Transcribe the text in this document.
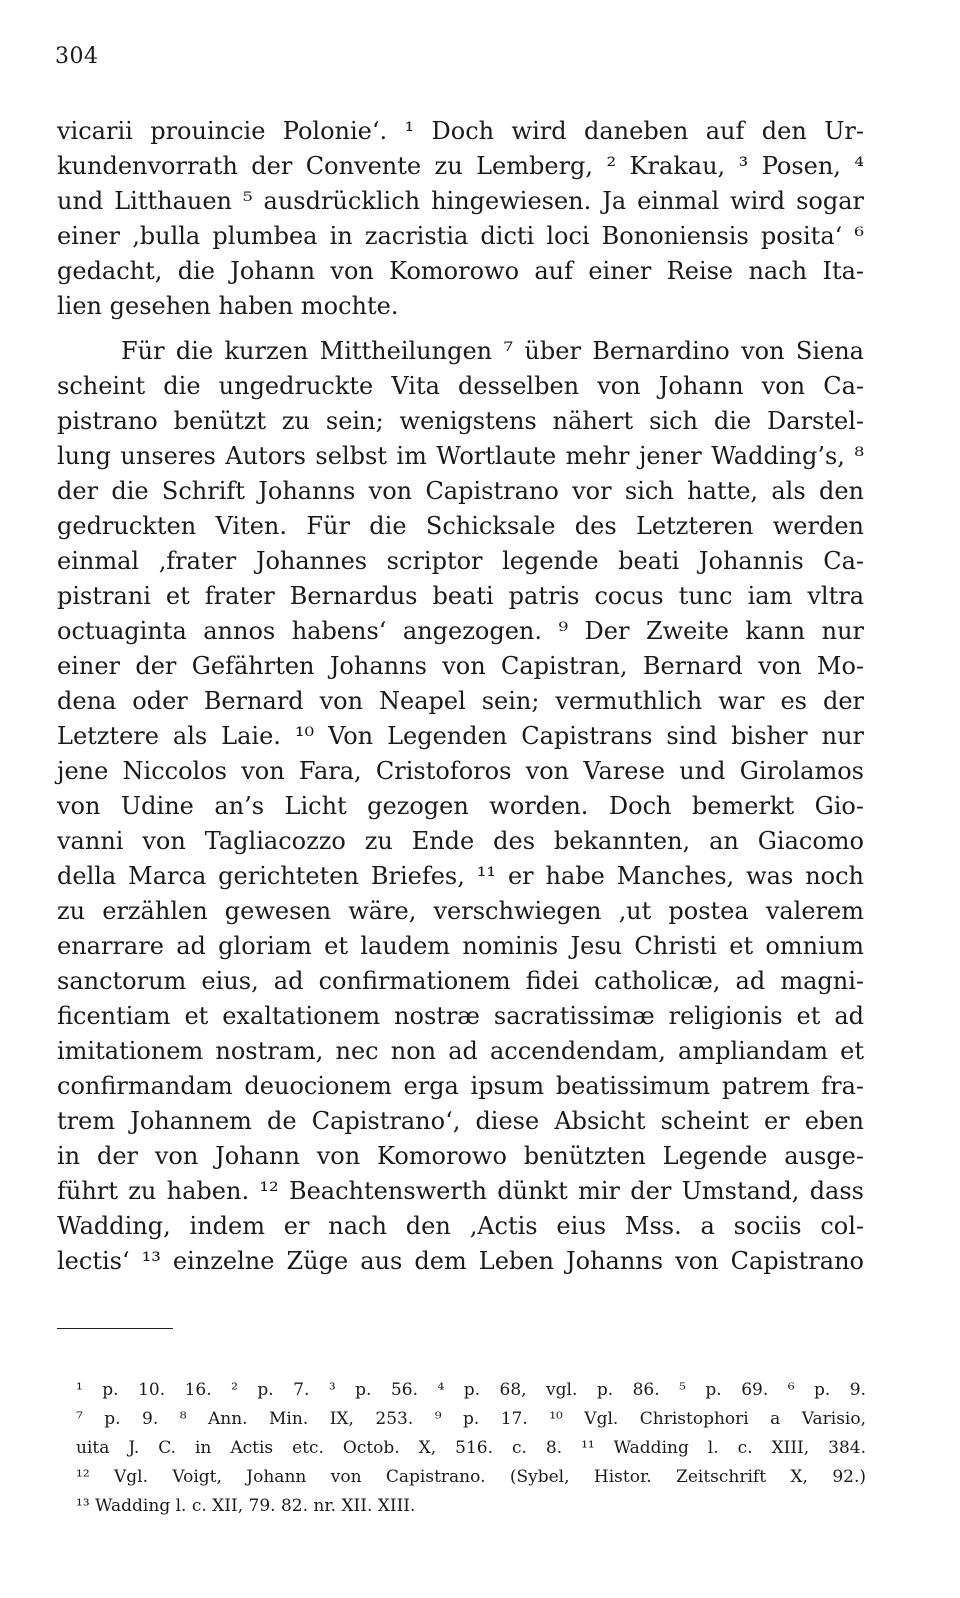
304
vicarii prouincie Polonie‘. ¹ Doch wird daneben auf den Ur-
kundenvorrath der Convente zu Lemberg, ² Krakau, ³ Posen, ⁴
und Litthauen ⁵ ausdrücklich hingewiesen. Ja einmal wird sogar
einer ‚bulla plumbea in zacristia dicti loci Bononiensis posita‘ ⁶
gedacht, die Johann von Komorowo auf einer Reise nach Ita-
lien gesehen haben mochte.
Für die kurzen Mittheilungen ⁷ über Bernardino von Siena
scheint die ungedruckte Vita desselben von Johann von Ca-
pistrano benützt zu sein; wenigstens nähert sich die Darstel-
lung unseres Autors selbst im Wortlaute mehr jener Wadding’s, ⁸
der die Schrift Johanns von Capistrano vor sich hatte, als den
gedruckten Viten. Für die Schicksale des Letzteren werden
einmal ‚frater Johannes scriptor legende beati Johannis Ca-
pistrani et frater Bernardus beati patris cocus tunc iam vltra
octuaginta annos habens‘ angezogen. ⁹ Der Zweite kann nur
einer der Gefährten Johanns von Capistran, Bernard von Mo-
dena oder Bernard von Neapel sein; vermuthlich war es der
Letztere als Laie. ¹⁰ Von Legenden Capistrans sind bisher nur
jene Niccolos von Fara, Cristoforos von Varese und Girolamos
von Udine an’s Licht gezogen worden. Doch bemerkt Gio-
vanni von Tagliacozzo zu Ende des bekannten, an Giacomo
della Marca gerichteten Briefes, ¹¹ er habe Manches, was noch
zu erzählen gewesen wäre, verschwiegen ‚ut postea valerem
enarrare ad gloriam et laudem nominis Jesu Christi et omnium
sanctorum eius, ad confirmationem fidei catholicæ, ad magni-
ficentiam et exaltationem nostræ sacratissimæ religionis et ad
imitationem nostram, nec non ad accendendam, ampliandam et
confirmandam deuocionem erga ipsum beatissimum patrem fra-
trem Johannem de Capistrano‘, diese Absicht scheint er eben
in der von Johann von Komorowo benützten Legende ausge-
führt zu haben. ¹² Beachtenswerth dünkt mir der Umstand, dass
Wadding, indem er nach den ‚Actis eius Mss. a sociis col-
lectis‘ ¹³ einzelne Züge aus dem Leben Johanns von Capistrano
¹ p. 10. 16. ² p. 7. ³ p. 56. ⁴ p. 68, vgl. p. 86. ⁵ p. 69. ⁶ p. 9.
⁷ p. 9. ⁸ Ann. Min. IX, 253. ⁹ p. 17. ¹⁰ Vgl. Christophori a Varisio,
uita J. C. in Actis etc. Octob. X, 516. c. 8. ¹¹ Wadding l. c. XIII, 384.
¹² Vgl. Voigt, Johann von Capistrano. (Sybel, Histor. Zeitschrift X, 92.)
¹³ Wadding l. c. XII, 79. 82. nr. XII. XIII.
